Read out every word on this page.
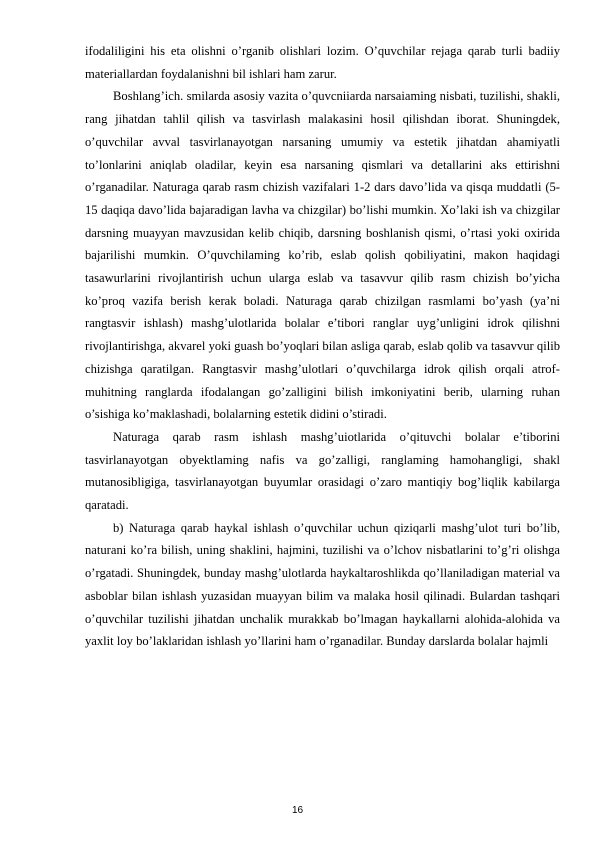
ifodaliligini his eta olishni o’rganib olishlari lozim. O’quvchilar rejaga qarab turli badiiy materiallardan foydalanishni bil ishlari ham zarur.

Boshlang’ich. smilarda asosiy vazita o’quvcniiarda narsaiaming nisbati, tuzilishi, shakli, rang jihatdan tahlil qilish va tasvirlash malakasini hosil qilishdan iborat. Shuningdek, o’quvchilar avval tasvirlanayotgan narsaning umumiy va estetik jihatdan ahamiyatli to’lonlarini aniqlab oladilar, keyin esa narsaning qismlari va detallarini aks ettirishni o’rganadilar. Naturaga qarab rasm chizish vazifalari 1-2 dars davo’lida va qisqa muddatli (5- 15 daqiqa davo’lida bajaradigan lavha va chizgilar) bo’lishi mumkin. Xo’laki ish va chizgilar darsning muayyan mavzusidan kelib chiqib, darsning boshlanish qismi, o’rtasi yoki oxirida bajarilishi mumkin. O’quvchilaming ko’rib, eslab qolish qobiliyatini, makon haqidagi tasawurlarini rivojlantirish uchun ularga eslab va tasavvur qilib rasm chizish bo’yicha ko’proq vazifa berish kerak boladi. Naturaga qarab chizilgan rasmlami bo’yash (ya’ni rangtasvir ishlash) mashg’ulotlarida bolalar e’tibori ranglar uyg’unligini idrok qilishni rivojlantirishga, akvarel yoki guash bo’yoqlari bilan asliga qarab, eslab qolib va tasavvur qilib chizishga qaratilgan. Rangtasvir mashg’ulotlari o’quvchilarga idrok qilish orqali atrof-muhitning ranglarda ifodalangan go’zalligini bilish imkoniyatini berib, ularning ruhan o’sishiga ko’maklashadi, bolalarning estetik didini o’stiradi.

Naturaga qarab rasm ishlash mashg’uiotlarida o’qituvchi bolalar e’tiborini tasvirlanayotgan obyektlaming nafis va go’zalligi, ranglaming hamohangligi, shakl mutanosibligiga, tasvirlanayotgan buyumlar orasidagi o’zaro mantiqiy bog’liqlik kabilarga qaratadi.

b) Naturaga qarab haykal ishlash o’quvchilar uchun qiziqarli mashg’ulot turi bo’lib, naturani ko’ra bilish, uning shaklini, hajmini, tuzilishi va o’lchov nisbatlarini to’g’ri olishga o’rgatadi. Shuningdek, bunday mashg’ulotlarda haykaltaroshlikda qo’llaniladigan material va asboblar bilan ishlash yuzasidan muayyan bilim va malaka hosil qilinadi. Bulardan tashqari o’quvchilar tuzilishi jihatdan unchalik murakkab bo’lmagan haykallarni alohida-alohida va yaxlit loy bo’laklaridan ishlash yo’llarini ham o’rganadilar. Bunday darslarda bolalar hajmli

16
